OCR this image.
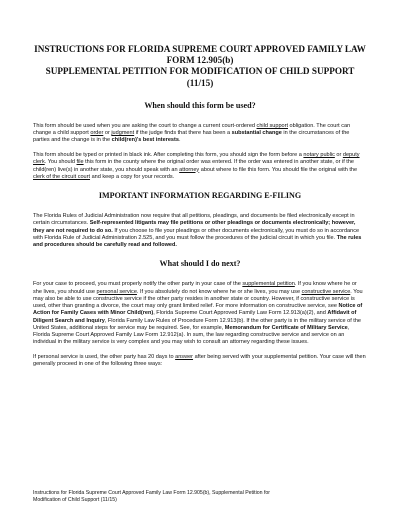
INSTRUCTIONS FOR FLORIDA SUPREME COURT APPROVED FAMILY LAW
FORM 12.905(b)
SUPPLEMENTAL PETITION FOR MODIFICATION OF CHILD SUPPORT
(11/15)
When should this form be used?

This form should be used when you are asking the court to change a current court-ordered child support obligation. The court can change a child support order or judgment if the judge finds that there has been a substantial change in the circumstances of the parties and the change is in the child(ren)'s best interests.

This form should be typed or printed in black ink. After completing this form, you should sign the form before a notary public or deputy clerk. You should file this form in the county where the original order was entered. If the order was entered in another state, or if the child(ren) live(s) in another state, you should speak with an attorney about where to file this form. You should file the original with the clerk of the circuit court and keep a copy for your records.

IMPORTANT INFORMATION REGARDING E-FILING

The Florida Rules of Judicial Administration now require that all petitions, pleadings, and documents be filed electronically except in certain circumstances. Self-represented litigants may file petitions or other pleadings or documents electronically; however, they are not required to do so. If you choose to file your pleadings or other documents electronically, you must do so in accordance with Florida Rule of Judicial Administration 2.525, and you must follow the procedures of the judicial circuit in which you file. The rules and procedures should be carefully read and followed.

What should I do next?

For your case to proceed, you must properly notify the other party in your case of the supplemental petition. If you know where he or she lives, you should use personal service. If you absolutely do not know where he or she lives, you may use constructive service. You may also be able to use constructive service if the other party resides in another state or country. However, if constructive service is used, other than granting a divorce, the court may only grant limited relief. For more information on constructive service, see Notice of Action for Family Cases with Minor Child(ren), Florida Supreme Court Approved Family Law Form 12.913(a)(2), and Affidavit of Diligent Search and Inquiry, Florida Family Law Rules of Procedure Form 12.913(b). If the other party is in the military service of the United States, additional steps for service may be required. See, for example, Memorandum for Certificate of Military Service, Florida Supreme Court Approved Family Law Form 12.912(a). In sum, the law regarding constructive service and service on an individual in the military service is very complex and you may wish to consult an attorney regarding these issues.

If personal service is used, the other party has 20 days to answer after being served with your supplemental petition. Your case will then generally proceed in one of the following three ways:

Instructions for Florida Supreme Court Approved Family Law Form 12.905(b), Supplemental Petition for
Modification of Child Support (11/15)
